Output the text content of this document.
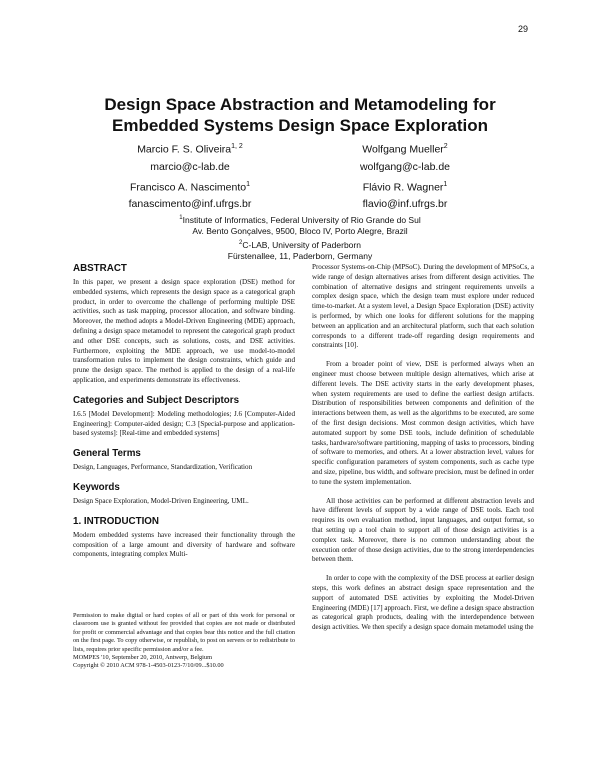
29
Design Space Abstraction and Metamodeling for
Embedded Systems Design Space Exploration
Marcio F. S. Oliveira$^{1, 2}$
marcio@c-lab.de
Francisco A. Nascimento$^1$
fanascimento@inf.ufrgs.br
Wolfgang Mueller$^2$
wolfgang@c-lab.de
Flávio R. Wagner$^1$
flavio@inf.ufrgs.br
$^1$Institute of Informatics, Federal University of Rio Grande do Sul
Av. Bento Gonçalves, 9500, Bloco IV, Porto Alegre, Brazil
$^2$C-LAB, University of Paderborn
Fürstenallee, 11, Paderborn, Germany
ABSTRACT

In this paper, we present a design space exploration (DSE) method for embedded systems, which represents the design space as a categorical graph product, in order to overcome the challenge of performing multiple DSE activities, such as task mapping, processor allocation, and software binding. Moreover, the method adopts a Model-Driven Engineering (MDE) approach, defining a design space metamodel to represent the categorical graph product and other DSE concepts, such as solutions, costs, and DSE activities. Furthermore, exploiting the MDE approach, we use model-to-model transformation rules to implement the design constraints, which guide and prune the design space. The method is applied to the design of a real-life application, and experiments demonstrate its effectiveness.

Categories and Subject Descriptors

I.6.5 [Model Development]: Modeling methodologies; J.6 [Computer-Aided Engineering]: Computer-aided design; C.3 [Special-purpose and application-based systems]: [Real-time and embedded systems]

General Terms

Design, Languages, Performance, Standardization, Verification

Keywords

Design Space Exploration, Model-Driven Engineering, UML.

1. INTRODUCTION

Modern embedded systems have increased their functionality through the composition of a large amount and diversity of hardware and software components, integrating complex Multi-

Permission to make digital or hard copies of all or part of this work for personal or classroom use is granted without fee provided that copies are not made or distributed for profit or commercial advantage and that copies bear this notice and the full citation on the first page. To copy otherwise, or republish, to post on servers or to redistribute to lists, requires prior specific permission and/or a fee.
MOMPES '10, September 20, 2010, Antwerp, Belgium
Copyright © 2010 ACM 978-1-4503-0123-7/10/09...$10.00

Processor Systems-on-Chip (MPSoC). During the development of MPSoCs, a wide range of design alternatives arises from different design activities. The combination of alternative designs and stringent requirements unveils a complex design space, which the design team must explore under reduced time-to-market. At a system level, a Design Space Exploration (DSE) activity is performed, by which one looks for different solutions for the mapping between an application and an architectural platform, such that each solution corresponds to a different trade-off regarding design requirements and constraints [10].

From a broader point of view, DSE is performed always when an engineer must choose between multiple design alternatives, which arise at different levels. The DSE activity starts in the early development phases, when system requirements are used to define the earliest design artifacts. Distribution of responsibilities between components and definition of the interactions between them, as well as the algorithms to be executed, are some of the first design decisions. Most common design activities, which have automated support by some DSE tools, include definition of schedulable tasks, hardware/software partitioning, mapping of tasks to processors, binding of software to memories, and others. At a lower abstraction level, values for specific configuration parameters of system components, such as cache type and size, pipeline, bus width, and software precision, must be defined in order to tune the system implementation.

All those activities can be performed at different abstraction levels and have different levels of support by a wide range of DSE tools. Each tool requires its own evaluation method, input languages, and output format, so that setting up a tool chain to support all of those design activities is a complex task. Moreover, there is no common understanding about the execution order of those design activities, due to the strong interdependencies between them.

In order to cope with the complexity of the DSE process at earlier design steps, this work defines an abstract design space representation and the support of automated DSE activities by exploiting the Model-Driven Engineering (MDE) [17] approach. First, we define a design space abstraction as categorical graph products, dealing with the interdependence between design activities. We then specify a design space domain metamodel using the
